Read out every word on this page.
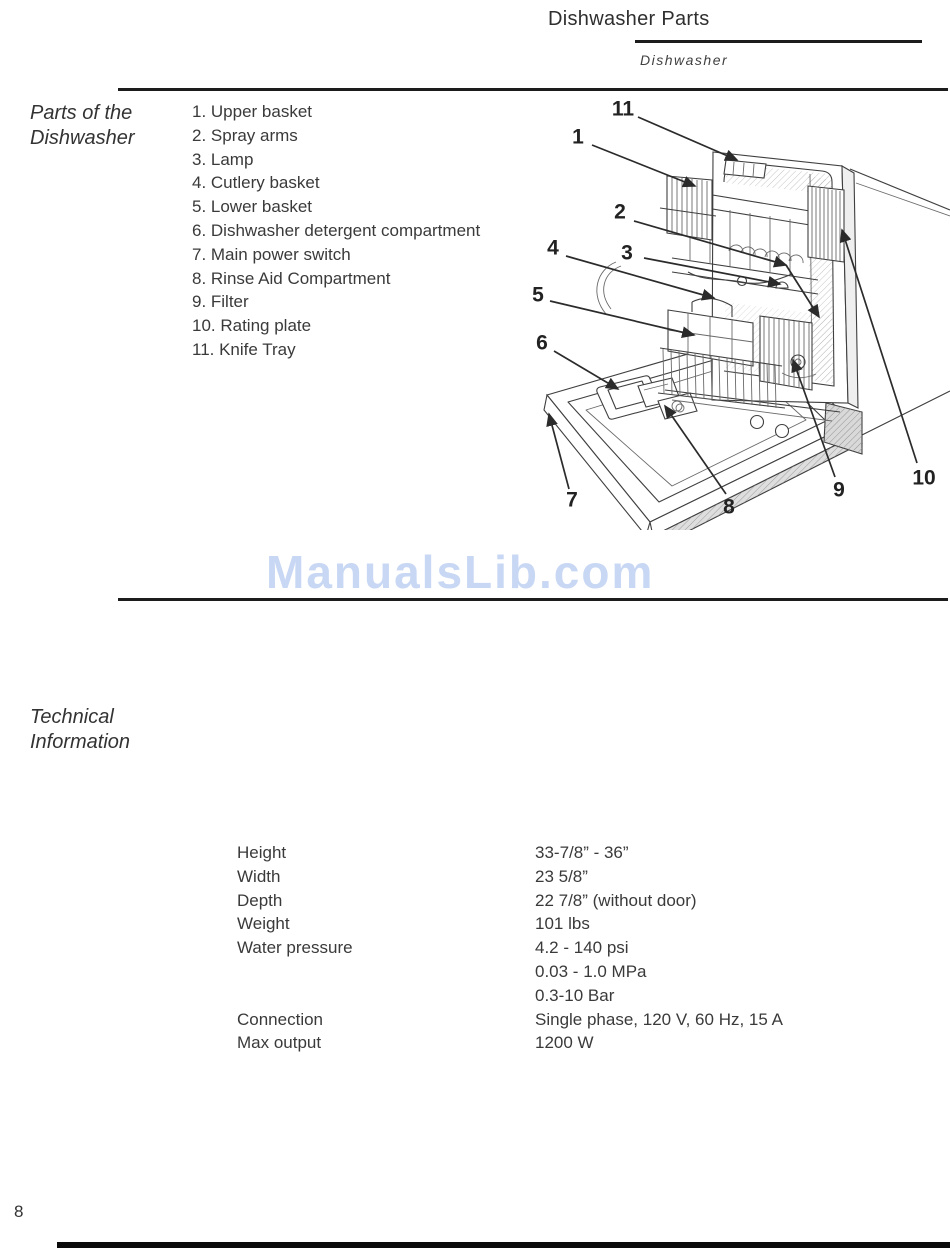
Dishwasher Parts
Dishwasher
Parts of the
Dishwasher
1. Upper basket
2. Spray arms
3. Lamp
4. Cutlery basket
5. Lower basket
6. Dishwasher detergent compartment
7. Main power switch
8. Rinse Aid Compartment
9. Filter
10. Rating plate
11. Knife Tray
1
2
3
4
5
6
7	8
9
10
11
ManualsLib.com
Technical
Information
Height	33-7/8” - 36”
Width	23 5/8”
Depth	22 7/8” (without door)
Weight	101 lbs
Water pressure	4.2 - 140 psi
0.03 - 1.0 MPa
0.3-10 Bar
Connection	Single phase, 120 V, 60 Hz, 15 A
Max output	1200 W
8
